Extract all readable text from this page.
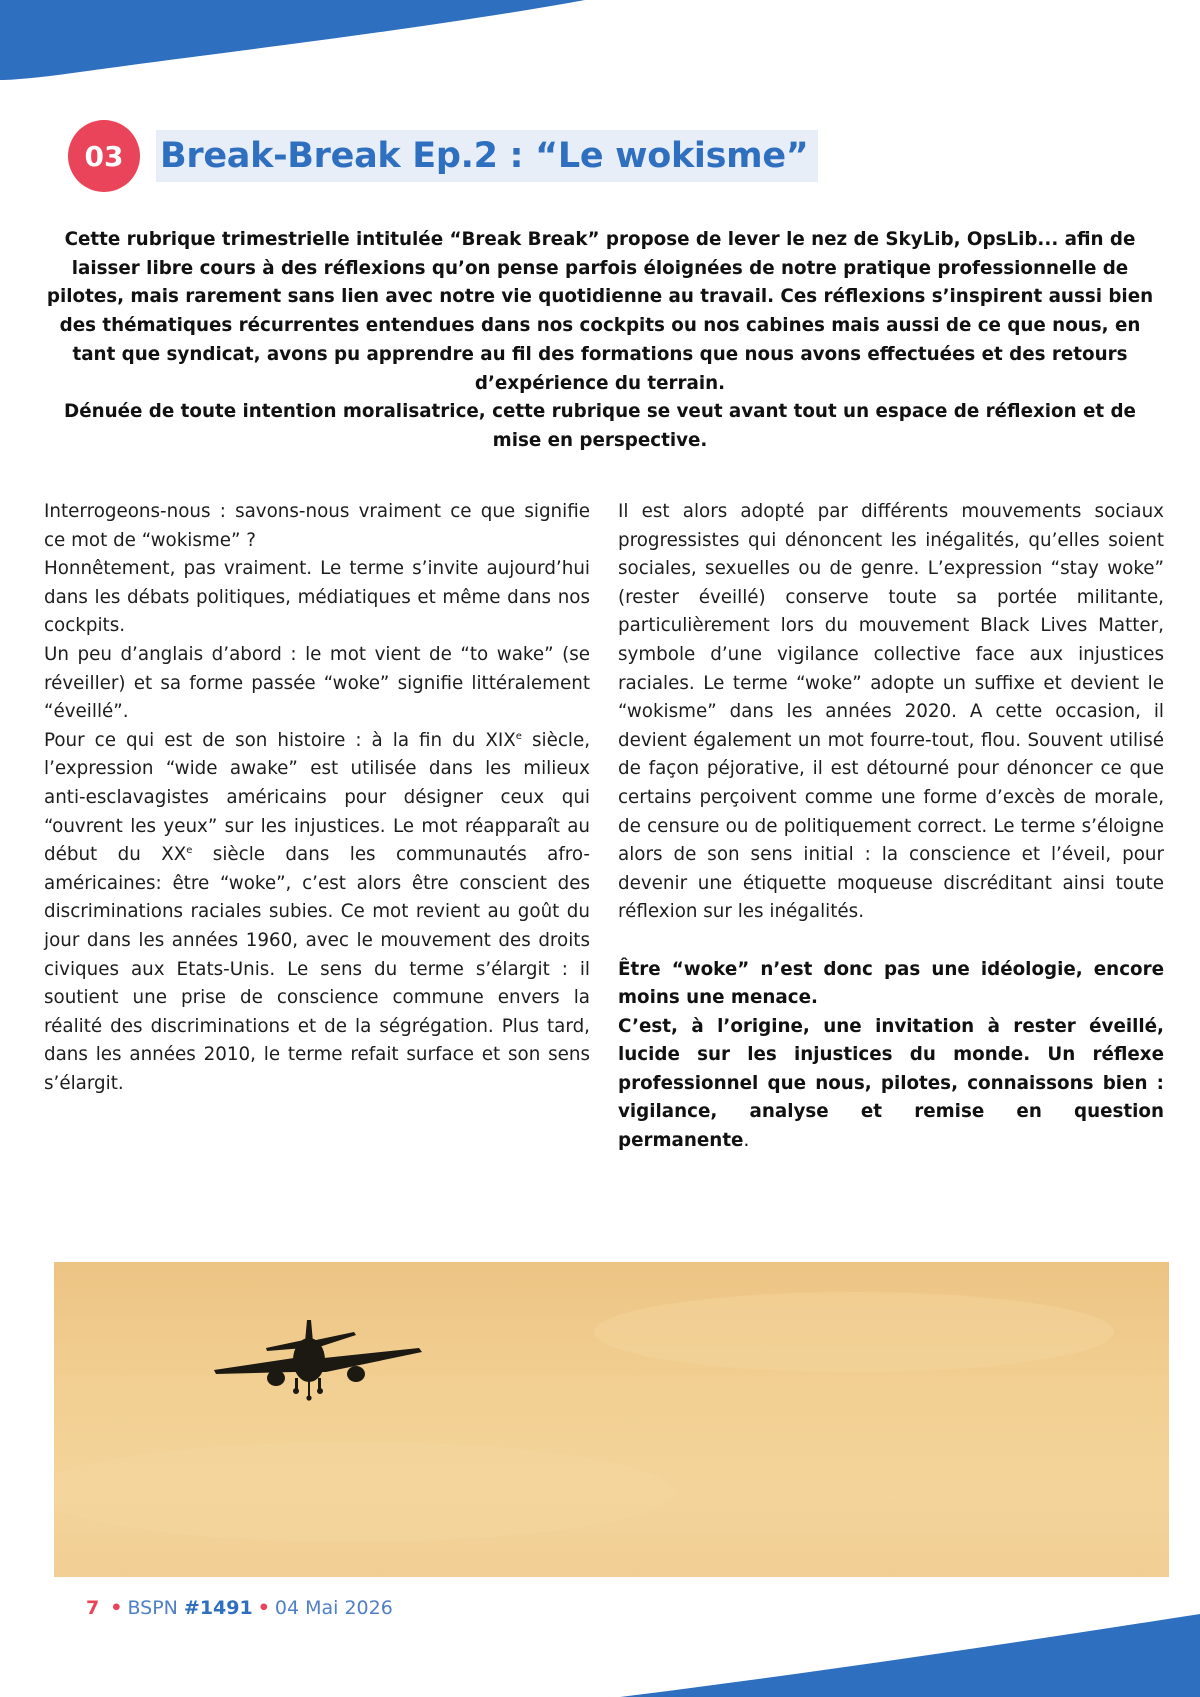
03	Break-Break Ep.2 : “Le wokisme”

Cette rubrique trimestrielle intitulée “Break Break” propose de lever le nez de SkyLib, OpsLib... afin de laisser libre cours à des réflexions qu’on pense parfois éloignées de notre pratique professionnelle de pilotes, mais rarement sans lien avec notre vie quotidienne au travail. Ces réflexions s’inspirent aussi bien des thématiques récurrentes entendues dans nos cockpits ou nos cabines mais aussi de ce que nous, en tant que syndicat, avons pu apprendre au fil des formations que nous avons effectuées et des retours d’expérience du terrain.

Dénuée de toute intention moralisatrice, cette rubrique se veut avant tout un espace de réflexion et de mise en perspective.

Interrogeons-nous : savons-nous vraiment ce que signifie ce mot de “wokisme” ?

Honnêtement, pas vraiment. Le terme s’invite aujourd’hui dans les débats politiques, médiatiques et même dans nos cockpits.

Un peu d’anglais d’abord : le mot vient de “to wake” (se réveiller) et sa forme passée “woke” signifie littéralement “éveillé”.

Pour ce qui est de son histoire : à la fin du XIXe siècle, l’expression “wide awake” est utilisée dans les milieux anti-esclavagistes américains pour désigner ceux qui “ouvrent les yeux” sur les injustices. Le mot réapparaît au début du XXe siècle dans les communautés afro-américaines: être “woke”, c’est alors être conscient des discriminations raciales subies. Ce mot revient au goût du jour dans les années 1960, avec le mouvement des droits civiques aux Etats-Unis. Le sens du terme s’élargit : il soutient une prise de conscience commune envers la réalité des discriminations et de la ségrégation. Plus tard, dans les années 2010, le terme refait surface et son sens s’élargit.

Il est alors adopté par différents mouvements sociaux progressistes qui dénoncent les inégalités, qu’elles soient sociales, sexuelles ou de genre. L’expression “stay woke” (rester éveillé) conserve toute sa portée militante, particulièrement lors du mouvement Black Lives Matter, symbole d’une vigilance collective face aux injustices raciales. Le terme “woke” adopte un suffixe et devient le “wokisme” dans les années 2020. A cette occasion, il devient également un mot fourre-tout, flou. Souvent utilisé de façon péjorative, il est détourné pour dénoncer ce que certains perçoivent comme une forme d’excès de morale, de censure ou de politiquement correct. Le terme s’éloigne alors de son sens initial : la conscience et l’éveil, pour devenir une étiquette moqueuse discréditant ainsi toute réflexion sur les inégalités.

Être “woke” n’est donc pas une idéologie, encore moins une menace.

C’est, à l’origine, une invitation à rester éveillé, lucide sur les injustices du monde. Un réflexe professionnel que nous, pilotes, connaissons bien : vigilance, analyse et remise en question permanente.

7 • BSPN #1491 • 04 Mai 2026
